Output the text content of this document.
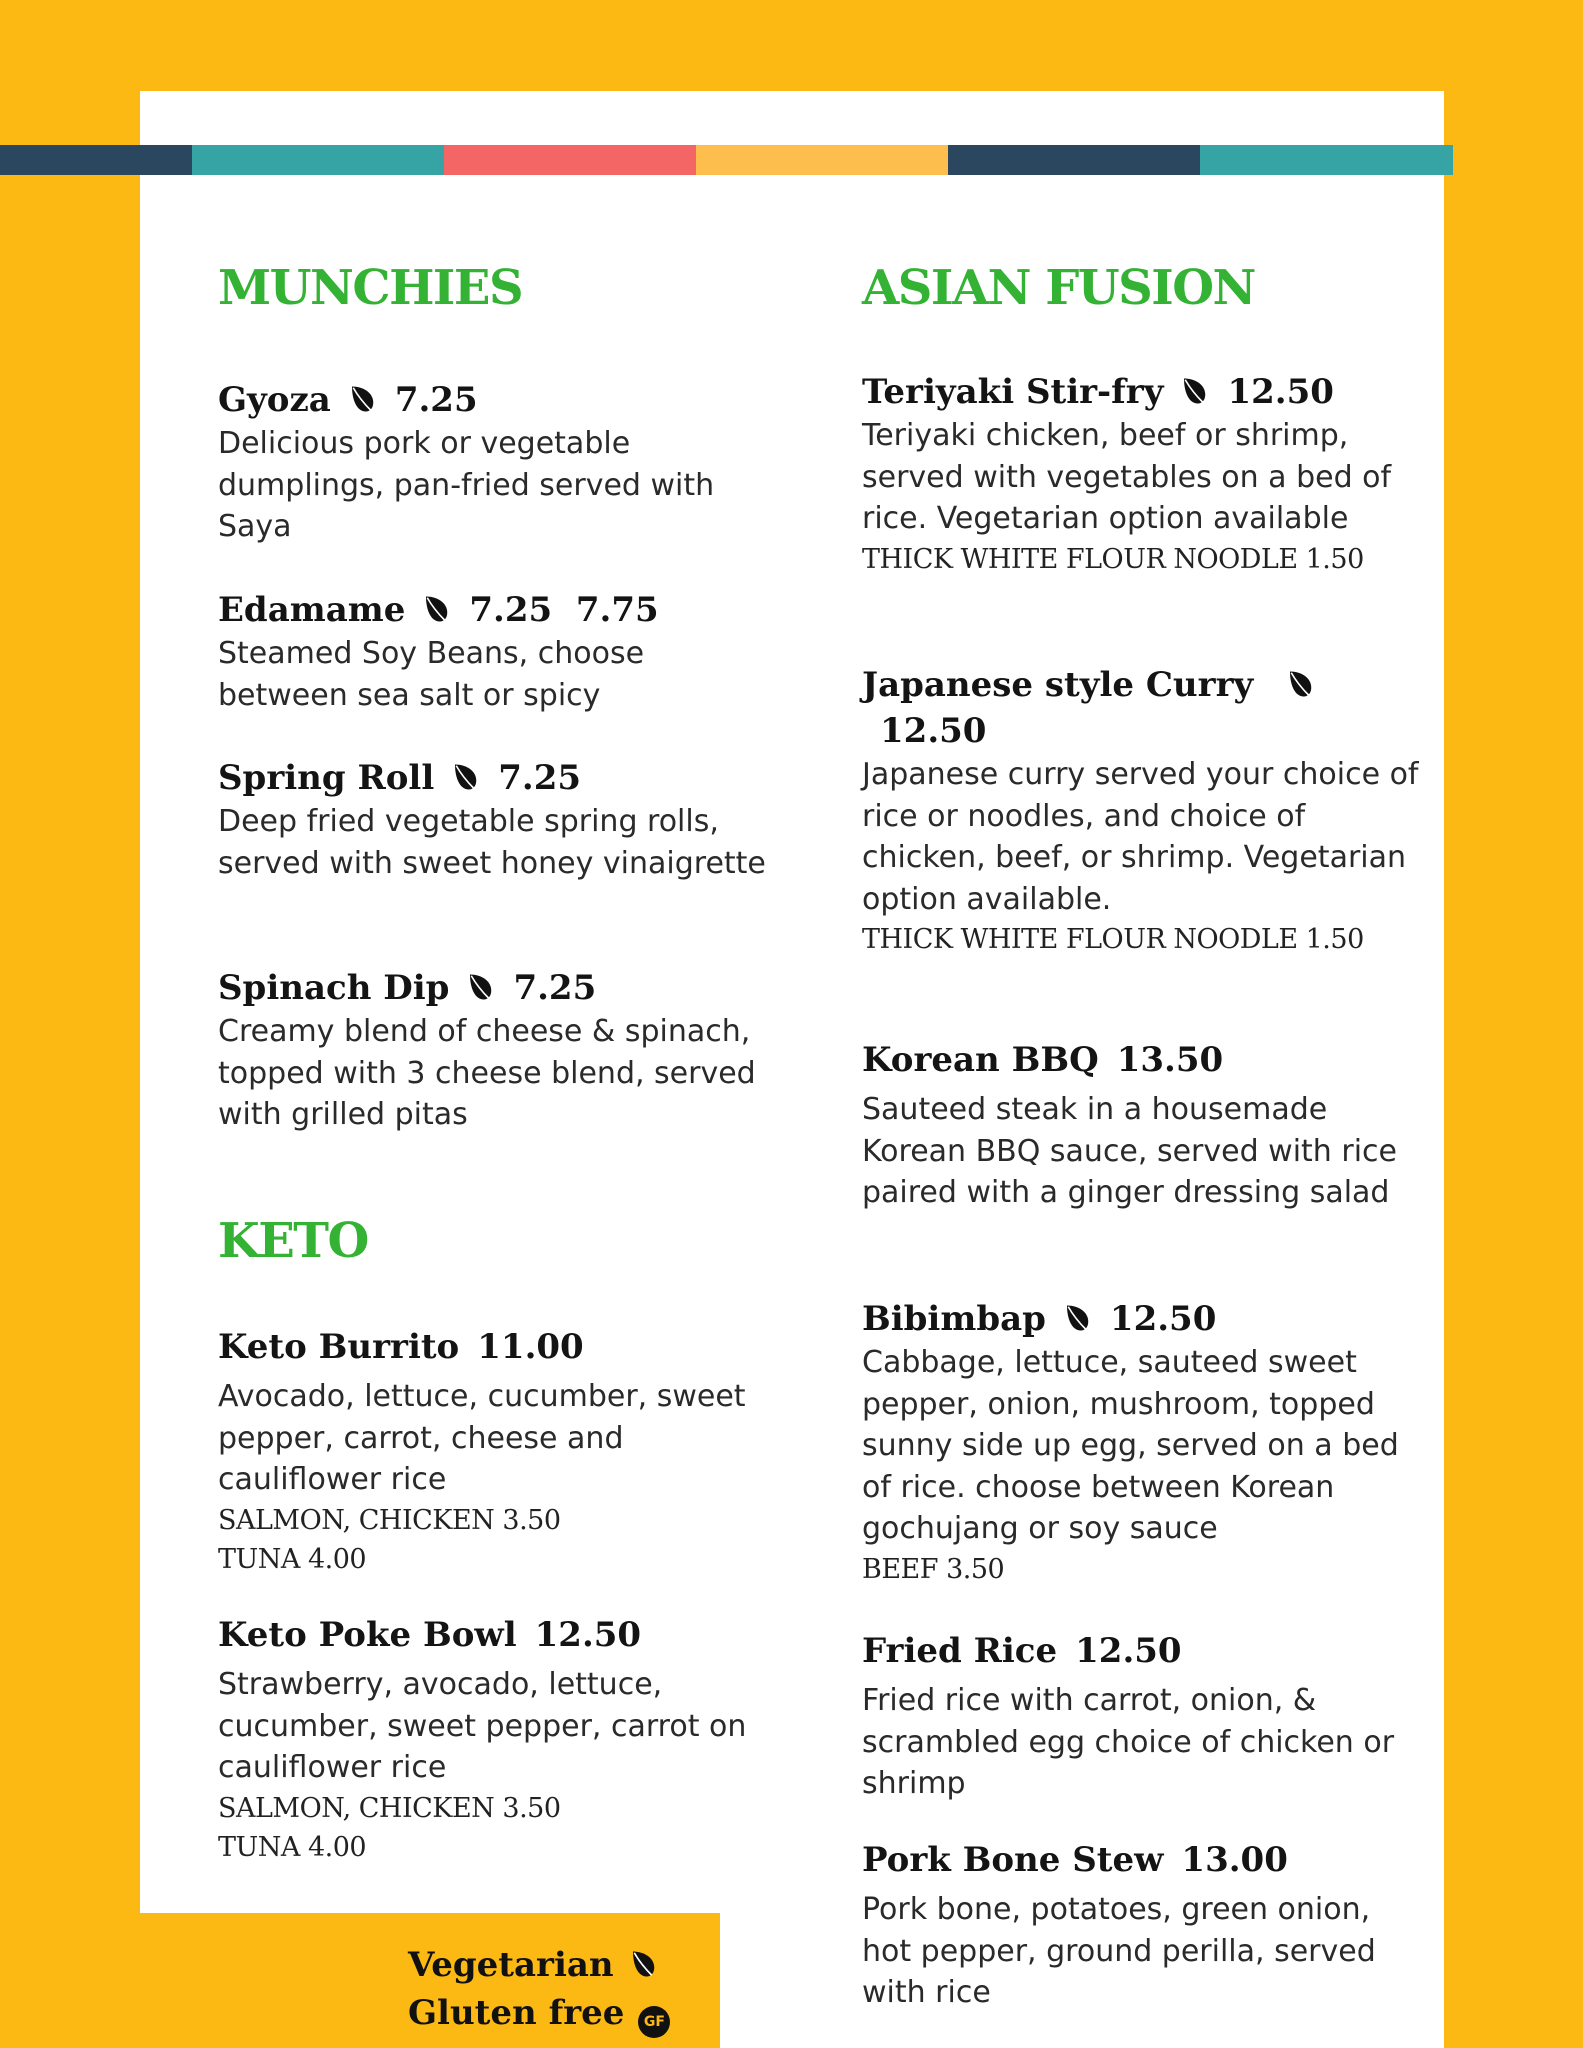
MUNCHIES
Gyoza 7.25
Delicious pork or vegetable dumplings, pan-fried served with Saya
Edamame 7.25  7.75
Steamed Soy Beans, choose between sea salt or spicy
Spring Roll 7.25
Deep fried vegetable spring rolls, served with sweet honey vinaigrette
Spinach Dip 7.25
Creamy blend of cheese & spinach, topped with 3 cheese blend, served with grilled pitas
KETO
Keto Burrito 11.00
Avocado, lettuce, cucumber, sweet pepper, carrot, cheese and cauliflower rice
SALMON, CHICKEN 3.50
TUNA 4.00
Keto Poke Bowl 12.50
Strawberry, avocado, lettuce, cucumber, sweet pepper, carrot on cauliflower rice
SALMON, CHICKEN 3.50
TUNA 4.00
ASIAN FUSION
Teriyaki Stir-fry 12.50
Teriyaki chicken, beef or shrimp, served with vegetables on a bed of rice. Vegetarian option available
THICK WHITE FLOUR NOODLE 1.50
Japanese style Curry
12.50
Japanese curry served your choice of rice or noodles, and choice of chicken, beef, or shrimp. Vegetarian option available.
THICK WHITE FLOUR NOODLE 1.50
Korean BBQ 13.50
Sauteed steak in a housemade Korean BBQ sauce, served with rice paired with a ginger dressing salad
Bibimbap 12.50
Cabbage, lettuce, sauteed sweet pepper, onion, mushroom, topped sunny side up egg, served on a bed of rice. choose between Korean gochujang or soy sauce
BEEF 3.50
Fried Rice 12.50
Fried rice with carrot, onion, & scrambled egg choice of chicken or shrimp
Pork Bone Stew 13.00
Pork bone, potatoes, green onion, hot pepper, ground perilla, served with rice
Vegetarian
Gluten free GF
